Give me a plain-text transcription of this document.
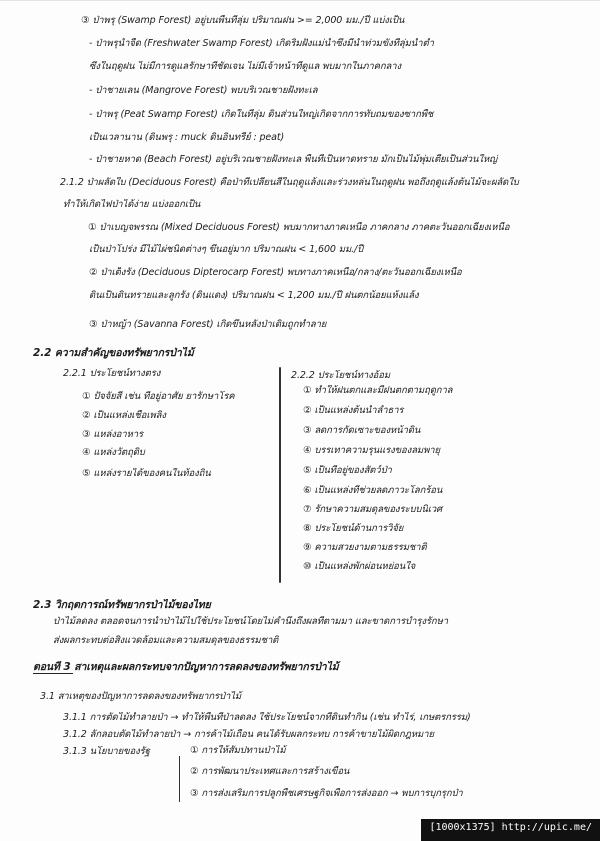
③ ป่าพรุ (Swamp Forest) อยู่บนพื้นที่ลุ่ม ปริมาณฝน >= 2,000 มม./ปี แบ่งเป็น
- ป่าพรุน้ำจืด (Freshwater Swamp Forest) เกิดริมฝั่งแม่น้ำซึ่งมีน้ำท่วมขังที่ลุ่มน้ำต่ำ
ซึ่งในฤดูฝน ไม่มีการดูแลรักษาที่ชัดเจน ไม่มีเจ้าหน้าที่ดูแล พบมากในภาคกลาง
- ป่าชายเลน (Mangrove Forest) พบบริเวณชายฝั่งทะเล
- ป่าพรุ (Peat Swamp Forest) เกิดในที่ลุ่ม ดินส่วนใหญ่เกิดจากการทับถมของซากพืช
เป็นเวลานาน (ดินพรุ : muck ดินอินทรีย์ : peat)
- ป่าชายหาด (Beach Forest) อยู่บริเวณชายฝั่งทะเล พื้นที่เป็นหาดทราย มักเป็นไม้พุ่มเตี้ยเป็นส่วนใหญ่
2.1.2 ป่าผลัดใบ (Deciduous Forest) คือป่าที่เปลี่ยนสีในฤดูแล้งและร่วงหล่นในฤดูฝน พอถึงฤดูแล้งต้นไม้จะผลัดใบ
ทำให้เกิดไฟป่าได้ง่าย แบ่งออกเป็น
① ป่าเบญจพรรณ (Mixed Deciduous Forest) พบมากทางภาคเหนือ ภาคกลาง ภาคตะวันออกเฉียงเหนือ
เป็นป่าโปร่ง มีไม้ไผ่ชนิดต่างๆ ขึ้นอยู่มาก ปริมาณฝน < 1,600 มม./ปี
② ป่าเต็งรัง (Deciduous Dipterocarp Forest) พบทางภาคเหนือ/กลาง/ตะวันออกเฉียงเหนือ
ดินเป็นดินทรายและลูกรัง (ดินแดง) ปริมาณฝน < 1,200 มม./ปี ฝนตกน้อยแห้งแล้ง
③ ป่าหญ้า (Savanna Forest) เกิดขึ้นหลังป่าเดิมถูกทำลาย
2.2 ความสำคัญของทรัพยากรป่าไม้
2.2.1 ประโยชน์ทางตรง
① ปัจจัยสี่ เช่น ที่อยู่อาศัย ยารักษาโรค
② เป็นแหล่งเชื้อเพลิง
③ แหล่งอาหาร
④ แหล่งวัตถุดิบ
⑤ แหล่งรายได้ของคนในท้องถิ่น
2.2.2 ประโยชน์ทางอ้อม
① ทำให้ฝนตกและมีฝนตกตามฤดูกาล
② เป็นแหล่งต้นน้ำลำธาร
③ ลดการกัดเซาะของหน้าดิน
④ บรรเทาความรุนแรงของลมพายุ
⑤ เป็นที่อยู่ของสัตว์ป่า
⑥ เป็นแหล่งที่ช่วยลดภาวะโลกร้อน
⑦ รักษาความสมดุลของระบบนิเวศ
⑧ ประโยชน์ด้านการวิจัย
⑨ ความสวยงามตามธรรมชาติ
⑩ เป็นแหล่งพักผ่อนหย่อนใจ
2.3 วิกฤตการณ์ทรัพยากรป่าไม้ของไทย
ป่าไม้ลดลง ตลอดจนการนำป่าไม้ไปใช้ประโยชน์โดยไม่คำนึงถึงผลที่ตามมา และขาดการบำรุงรักษา
ส่งผลกระทบต่อสิ่งแวดล้อมและความสมดุลของธรรมชาติ
ตอนที่ 3 สาเหตุและผลกระทบจากปัญหาการลดลงของทรัพยากรป่าไม้
3.1 สาเหตุของปัญหาการลดลงของทรัพยากรป่าไม้
3.1.1 การตัดไม้ทำลายป่า → ทำให้พื้นที่ป่าลดลง ใช้ประโยชน์จากที่ดินทำกิน (เช่น ทำไร่, เกษตรกรรม)
3.1.2 ลักลอบตัดไม้ทำลายป่า → การค้าไม้เถื่อน คนได้รับผลกระทบ การค้าขายไม้ผิดกฎหมาย
3.1.3 นโยบายของรัฐ	① การให้สัมปทานป่าไม้
② การพัฒนาประเทศและการสร้างเขื่อน
③ การส่งเสริมการปลูกพืชเศรษฐกิจเพื่อการส่งออก → พบการบุกรุกป่า
[1000x1375] http://upic.me/
